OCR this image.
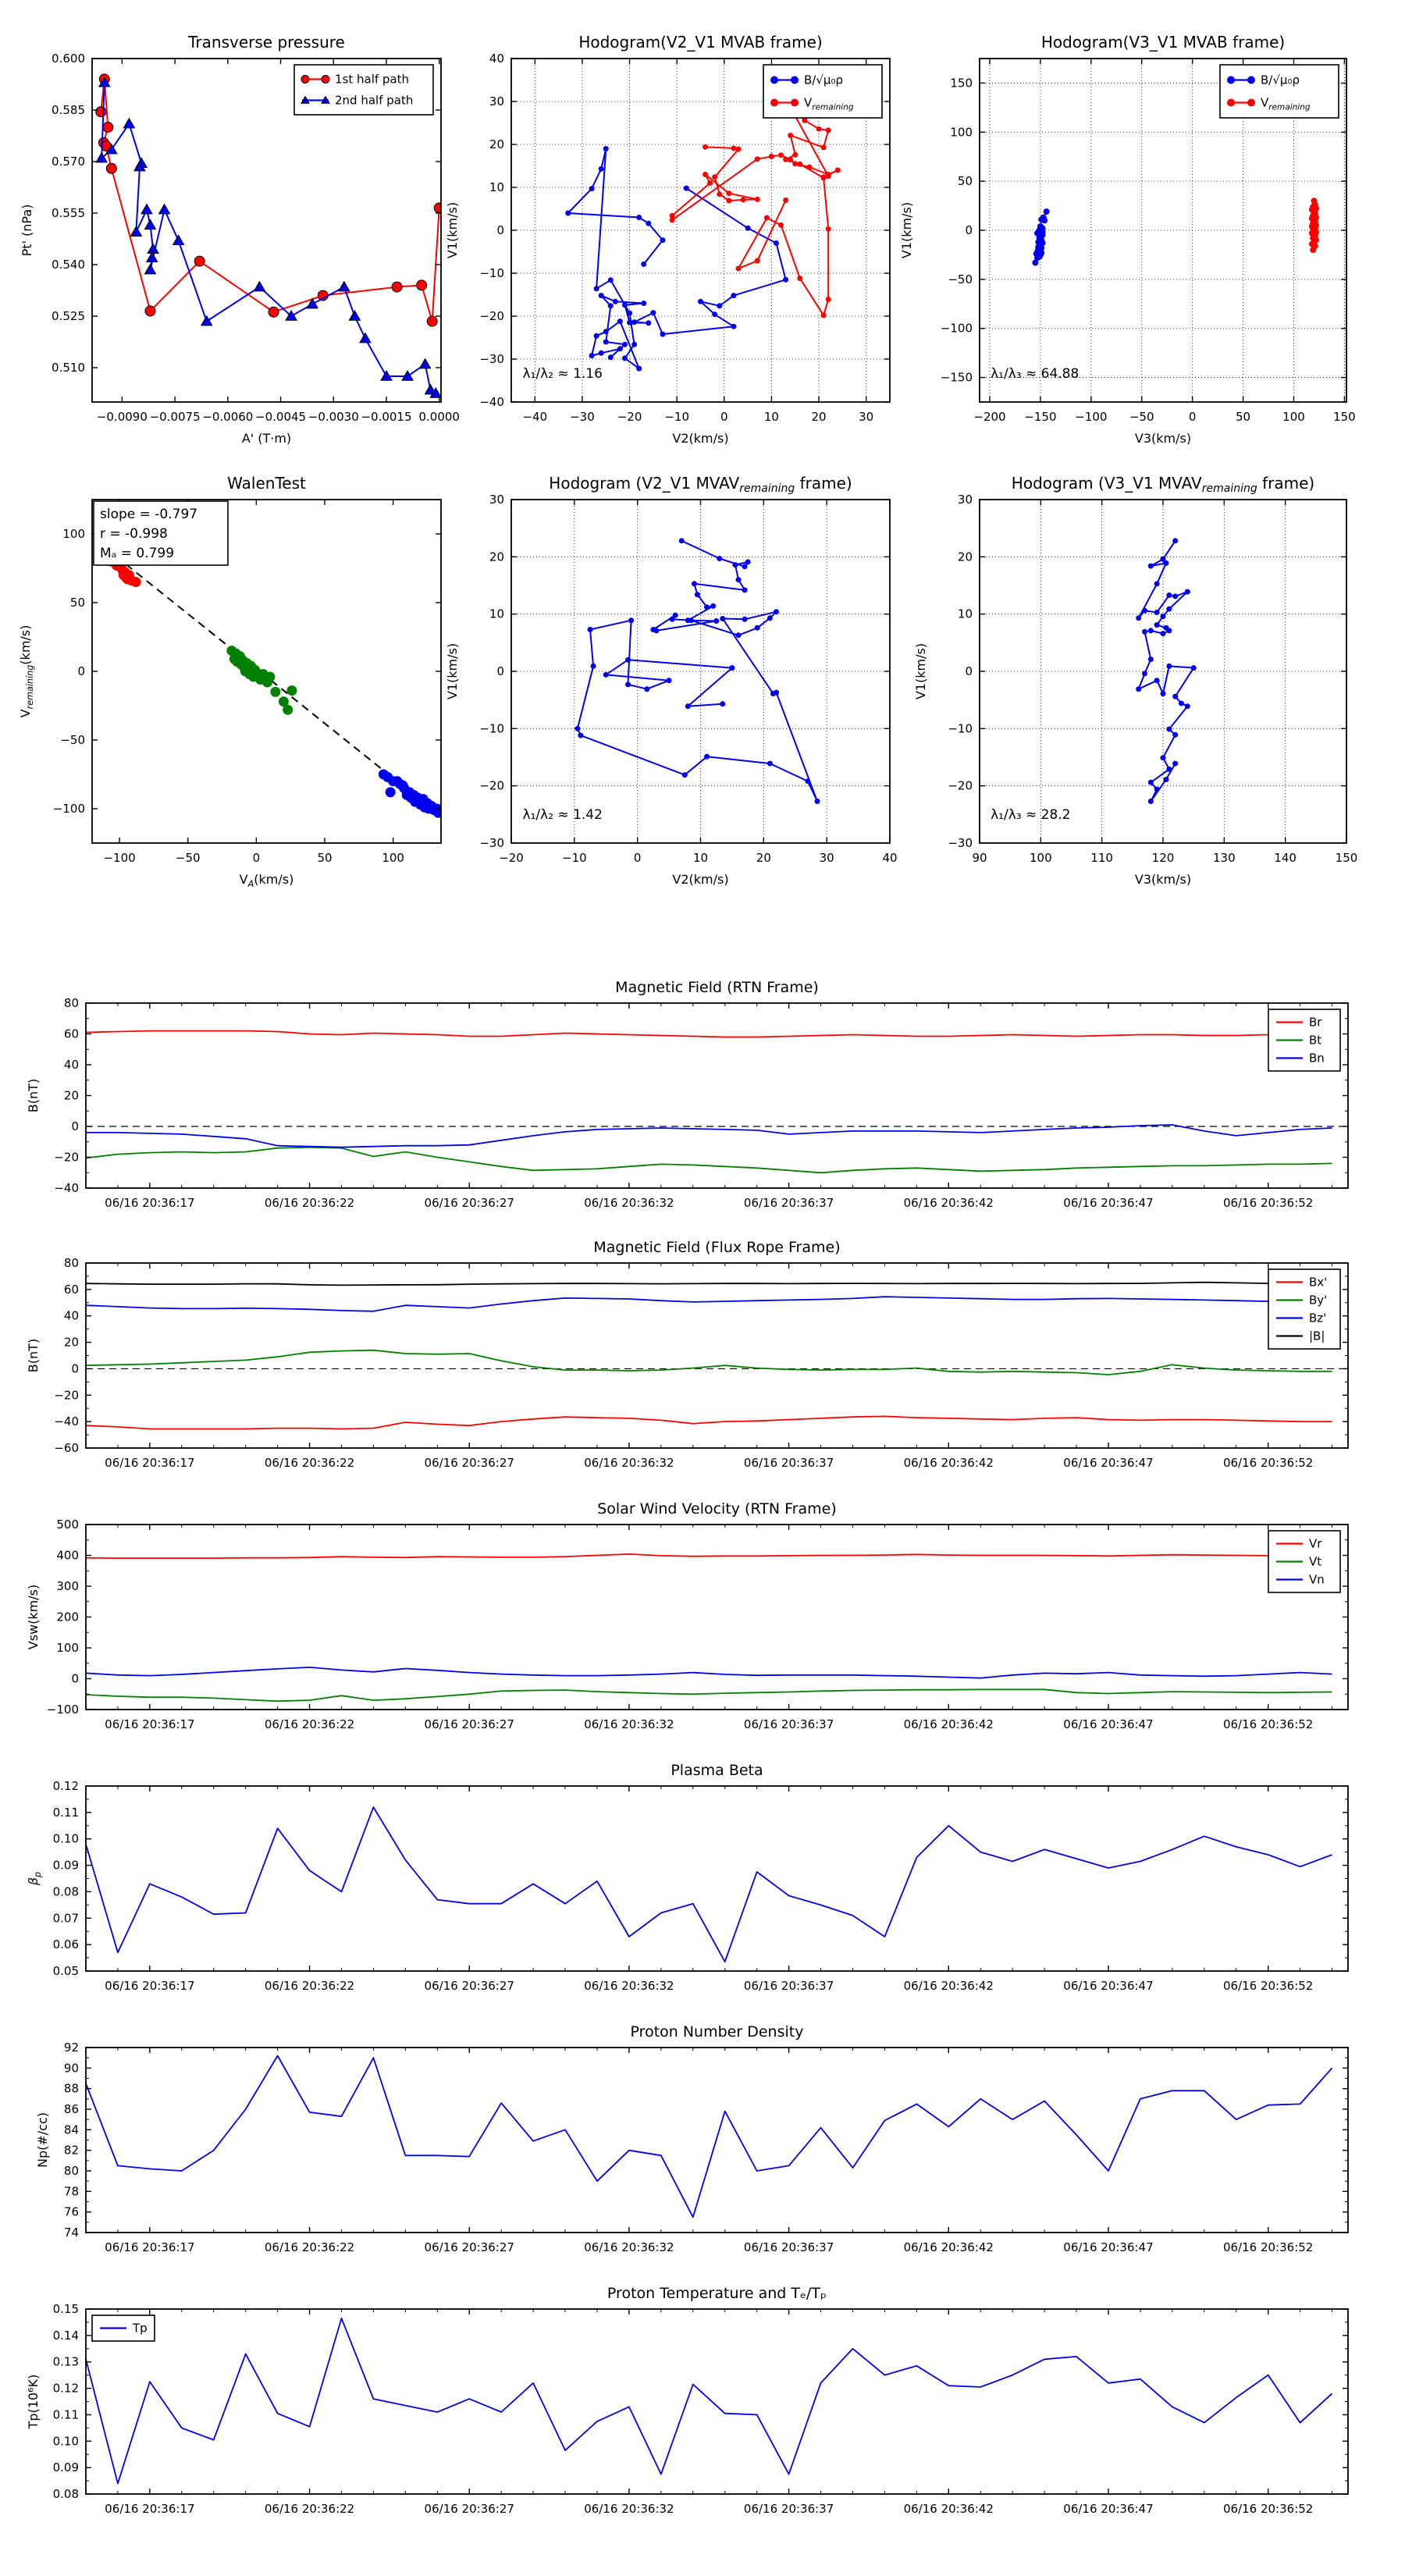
−0.0090 −0.0075 −0.0060 −0.0045 −0.0030 −0.0015 0.0000
0.510
0.525
0.540
0.555
0.570
0.585
0.600
Transverse pressure
A' (T·m)
Pt' (nPa)
1st half path
2nd half path
−40 −30 −20 −10	0	10	20	30
−40
−30
−20
−10
0
10
20
30
40
Hodogram(V2_V1 MVAB frame)
V2(km/s)
V1(km/s)
B/√μ₀ρ
$V_{remaining}$
λ₁/λ₂ ≈ 1.16
−200 −150 −100 −50	0	50	100 150
−150
−100
−50
0
50
100
150
Hodogram(V3_V1 MVAB frame)
V3(km/s)
V1(km/s)
B/√μ₀ρ
$V_{remaining}$
λ₁/λ₃ ≈ 64.88
−100	−50	0	50	100
−100
−50
0
50
100
WalenTest
$V_A(km/s)$
$V_{remaining}(km/s)$
slope = -0.797
r = -0.998
Mₐ = 0.799
−20	−10	0	10	20	30	40
−30
−20
−10
0
10
20
30
Hodogram (V2_V1 $MVAV_{remaining}$ frame)
V2(km/s)
V1(km/s)
λ₁/λ₂ ≈ 1.42
90	100	110	120	130	140	150
−30
−20
−10
0
10
20
30
Hodogram (V3_V1 $MVAV_{remaining}$ frame)
V3(km/s)
V1(km/s)
λ₁/λ₃ ≈ 28.2
06/16 20:36:17	06/16 20:36:22	06/16 20:36:27	06/16 20:36:32	06/16 20:36:37	06/16 20:36:42	06/16 20:36:47	06/16 20:36:52
−40
−20
0
20
40
60
80
Magnetic Field (RTN Frame)
B(nT)
Br
Bt
Bn
06/16 20:36:17	06/16 20:36:22	06/16 20:36:27	06/16 20:36:32	06/16 20:36:37	06/16 20:36:42	06/16 20:36:47	06/16 20:36:52
−60
−40
−20
0
20
40
60
80
Magnetic Field (Flux Rope Frame)
B(nT)
Bx'
By'
Bz'
|B|
06/16 20:36:17	06/16 20:36:22	06/16 20:36:27	06/16 20:36:32	06/16 20:36:37	06/16 20:36:42	06/16 20:36:47	06/16 20:36:52
−100
0
100
200
300
400
500
Solar Wind Velocity (RTN Frame)
Vsw(km/s)
Vr
Vt
Vn
06/16 20:36:17	06/16 20:36:22	06/16 20:36:27	06/16 20:36:32	06/16 20:36:37	06/16 20:36:42	06/16 20:36:47	06/16 20:36:52
0.05
0.06
0.07
0.08
0.09
0.10
0.11
0.12
Plasma Beta
$\beta_p$
06/16 20:36:17	06/16 20:36:22	06/16 20:36:27	06/16 20:36:32	06/16 20:36:37	06/16 20:36:42	06/16 20:36:47	06/16 20:36:52
74
76
78
80
82
84
86
88
90
92
Proton Number Density
Np(#/cc)
06/16 20:36:17	06/16 20:36:22	06/16 20:36:27	06/16 20:36:32	06/16 20:36:37	06/16 20:36:42	06/16 20:36:47	06/16 20:36:52
0.08
0.09
0.10
0.11
0.12
0.13
0.14
0.15
Proton Temperature and Tₑ/Tₚ
Tp(10⁶K)
Tp
